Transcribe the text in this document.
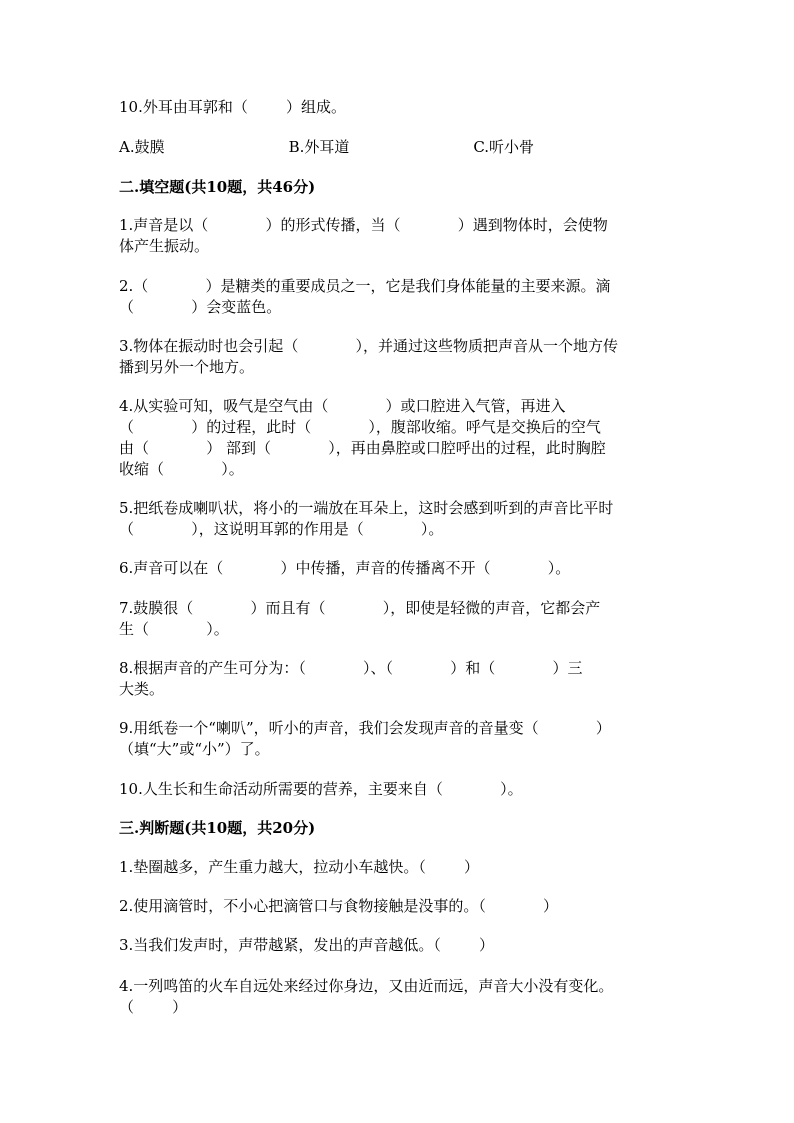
10.外耳由耳郭和（        ）组成。
A.鼓膜                          B.外耳道                          C.听小骨
二.填空题(共10题，共46分)
1.声音是以（            ）的形式传播，当（            ）遇到物体时，会使物
体产生振动。
2.（            ）是糖类的重要成员之一，它是我们身体能量的主要来源。滴
（            ）会变蓝色。
3.物体在振动时也会引起（            ），并通过这些物质把声音从一个地方传
播到另外一个地方。
4.从实验可知，吸气是空气由（            ）或口腔进入气管，再进入
（            ）的过程，此时（            ），腹部收缩。呼气是交换后的空气
由（            ） 部到（            ），再由鼻腔或口腔呼出的过程，此时胸腔
收缩（            ）。
5.把纸卷成喇叭状，将小的一端放在耳朵上，这时会感到听到的声音比平时
（            ），这说明耳郭的作用是（            ）。
6.声音可以在（            ）中传播，声音的传播离不开（            ）。
7.鼓膜很（            ）而且有（            ），即使是轻微的声音，它都会产
生（            ）。
8.根据声音的产生可分为：（            ）、（            ）和（            ）三
大类。
9.用纸卷一个“喇叭”，听小的声音，我们会发现声音的音量变（            ）
（填“大”或“小”）了。
10.人生长和生命活动所需要的营养，主要来自（            ）。
三.判断题(共10题，共20分)
1.垫圈越多，产生重力越大，拉动小车越快。（        ）
2.使用滴管时，不小心把滴管口与食物接触是没事的。（            ）
3.当我们发声时，声带越紧，发出的声音越低。（        ）
4.一列鸣笛的火车自远处来经过你身边，又由近而远，声音大小没有变化。
（        ）
